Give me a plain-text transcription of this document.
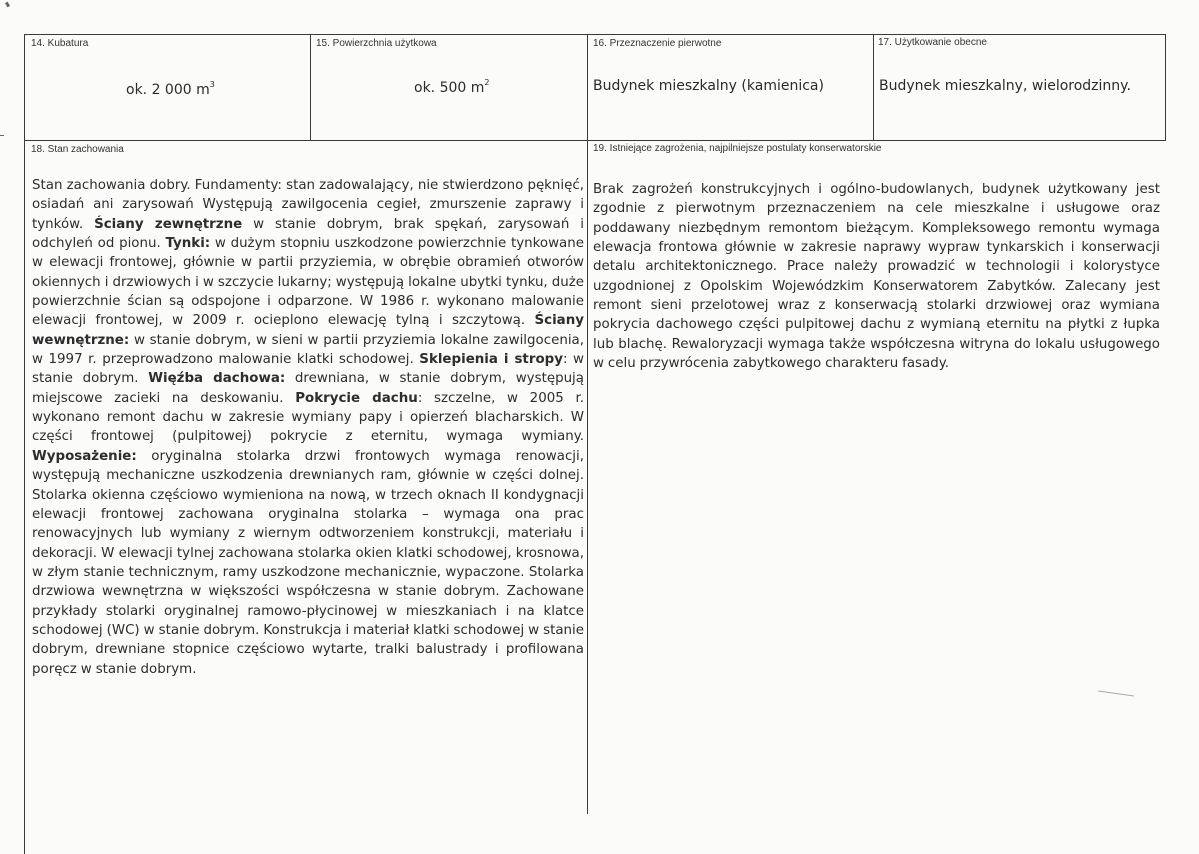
14. Kubatura
ok. 2 000 $m^3$
15. Powierzchnia użytkowa
ok. 500 $m^2$
16. Przeznaczenie pierwotne
Budynek mieszkalny (kamienica)
17. Użytkowanie obecne
Budynek mieszkalny, wielorodzinny.
18. Stan zachowania
Stan zachowania dobry. Fundamenty: stan zadowalający, nie stwierdzono pęknięć, osiadań ani zarysowań Występują zawilgocenia cegieł, zmurszenie zaprawy i tynków. Ściany zewnętrzne w stanie dobrym, brak spękań, zarysowań i odchyleń od pionu. Tynki: w dużym stopniu uszkodzone powierzchnie tynkowane w elewacji frontowej, głównie w partii przyziemia, w obrębie obramień otworów okiennych i drzwiowych i w szczycie lukarny; występują lokalne ubytki tynku, duże powierzchnie ścian są odspojone i odparzone. W 1986 r. wykonano malowanie elewacji frontowej, w 2009 r. ocieplono elewację tylną i szczytową. Ściany wewnętrzne: w stanie dobrym, w sieni w partii przyziemia lokalne zawilgocenia, w 1997 r. przeprowadzono malowanie klatki schodowej. Sklepienia i stropy: w stanie dobrym. Więźba dachowa: drewniana, w stanie dobrym, występują miejscowe zacieki na deskowaniu. Pokrycie dachu: szczelne, w 2005 r. wykonano remont dachu w zakresie wymiany papy i opierzeń blacharskich. W części frontowej (pulpitowej) pokrycie z eternitu, wymaga wymiany. Wyposażenie: oryginalna stolarka drzwi frontowych wymaga renowacji, występują mechaniczne uszkodzenia drewnianych ram, głównie w części dolnej. Stolarka okienna częściowo wymieniona na nową, w trzech oknach II kondygnacji elewacji frontowej zachowana oryginalna stolarka – wymaga ona prac renowacyjnych lub wymiany z wiernym odtworzeniem konstrukcji, materiału i dekoracji. W elewacji tylnej zachowana stolarka okien klatki schodowej, krosnowa, w złym stanie technicznym, ramy uszkodzone mechanicznie, wypaczone. Stolarka drzwiowa wewnętrzna w większości współczesna w stanie dobrym. Zachowane przykłady stolarki oryginalnej ramowo-płycinowej w mieszkaniach i na klatce schodowej (WC) w stanie dobrym. Konstrukcja i materiał klatki schodowej w stanie dobrym, drewniane stopnice częściowo wytarte, tralki balustrady i profilowana poręcz w stanie dobrym.
19. Istniejące zagrożenia, najpilniejsze postulaty konserwatorskie
Brak zagrożeń konstrukcyjnych i ogólno-budowlanych, budynek użytkowany jest zgodnie z pierwotnym przeznaczeniem na cele mieszkalne i usługowe oraz poddawany niezbędnym remontom bieżącym. Kompleksowego remontu wymaga elewacja frontowa głównie w zakresie naprawy wypraw tynkarskich i konserwacji detalu architektonicznego. Prace należy prowadzić w technologii i kolorystyce uzgodnionej z Opolskim Wojewódzkim Konserwatorem Zabytków. Zalecany jest remont sieni przelotowej wraz z konserwacją stolarki drzwiowej oraz wymiana pokrycia dachowego części pulpitowej dachu z wymianą eternitu na płytki z łupka lub blachę. Rewaloryzacji wymaga także współczesna witryna do lokalu usługowego w celu przywrócenia zabytkowego charakteru fasady.
